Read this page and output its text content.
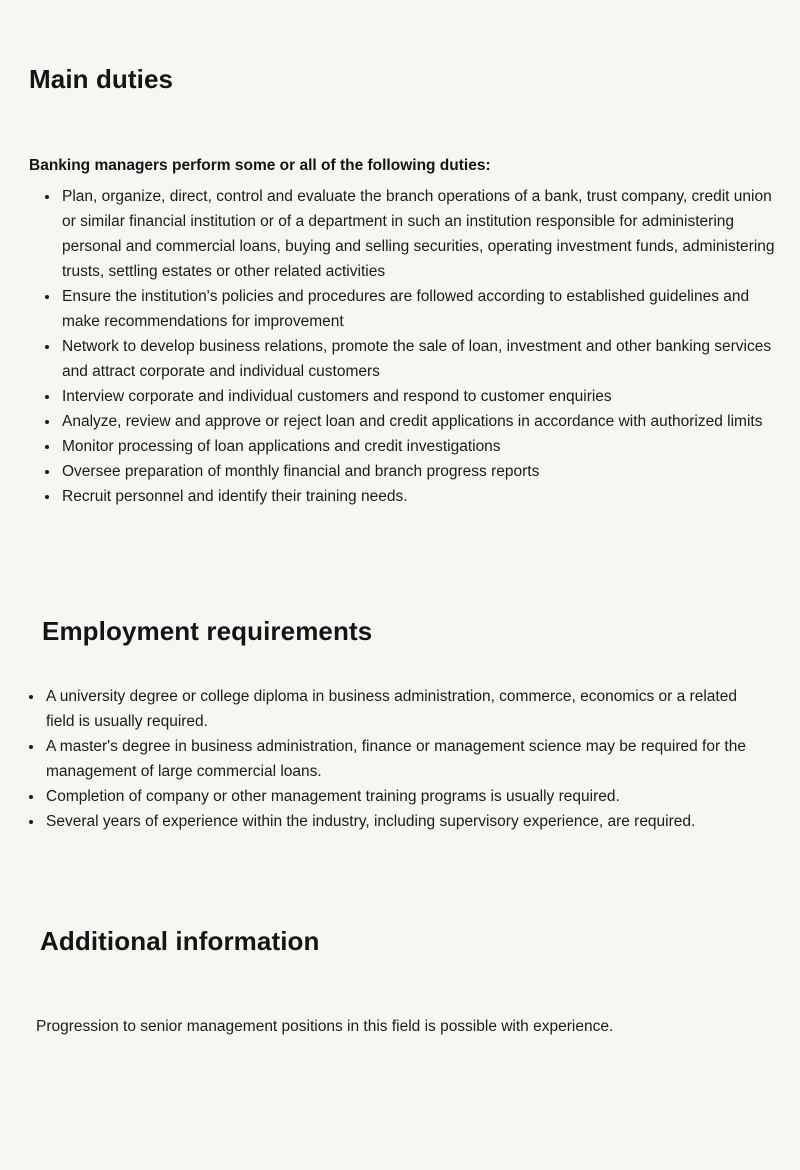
Main duties

Banking managers perform some or all of the following duties:

• Plan, organize, direct, control and evaluate the branch operations of a bank, trust company, credit union or similar financial institution or of a department in such an institution responsible for administering personal and commercial loans, buying and selling securities, operating investment funds, administering trusts, settling estates or other related activities
• Ensure the institution's policies and procedures are followed according to established guidelines and make recommendations for improvement
• Network to develop business relations, promote the sale of loan, investment and other banking services and attract corporate and individual customers
• Interview corporate and individual customers and respond to customer enquiries
• Analyze, review and approve or reject loan and credit applications in accordance with authorized limits
• Monitor processing of loan applications and credit investigations
• Oversee preparation of monthly financial and branch progress reports
• Recruit personnel and identify their training needs.
Employment requirements
• A university degree or college diploma in business administration, commerce, economics or a related field is usually required.
• A master's degree in business administration, finance or management science may be required for the management of large commercial loans.
• Completion of company or other management training programs is usually required.
• Several years of experience within the industry, including supervisory experience, are required.
Additional information

Progression to senior management positions in this field is possible with experience.
